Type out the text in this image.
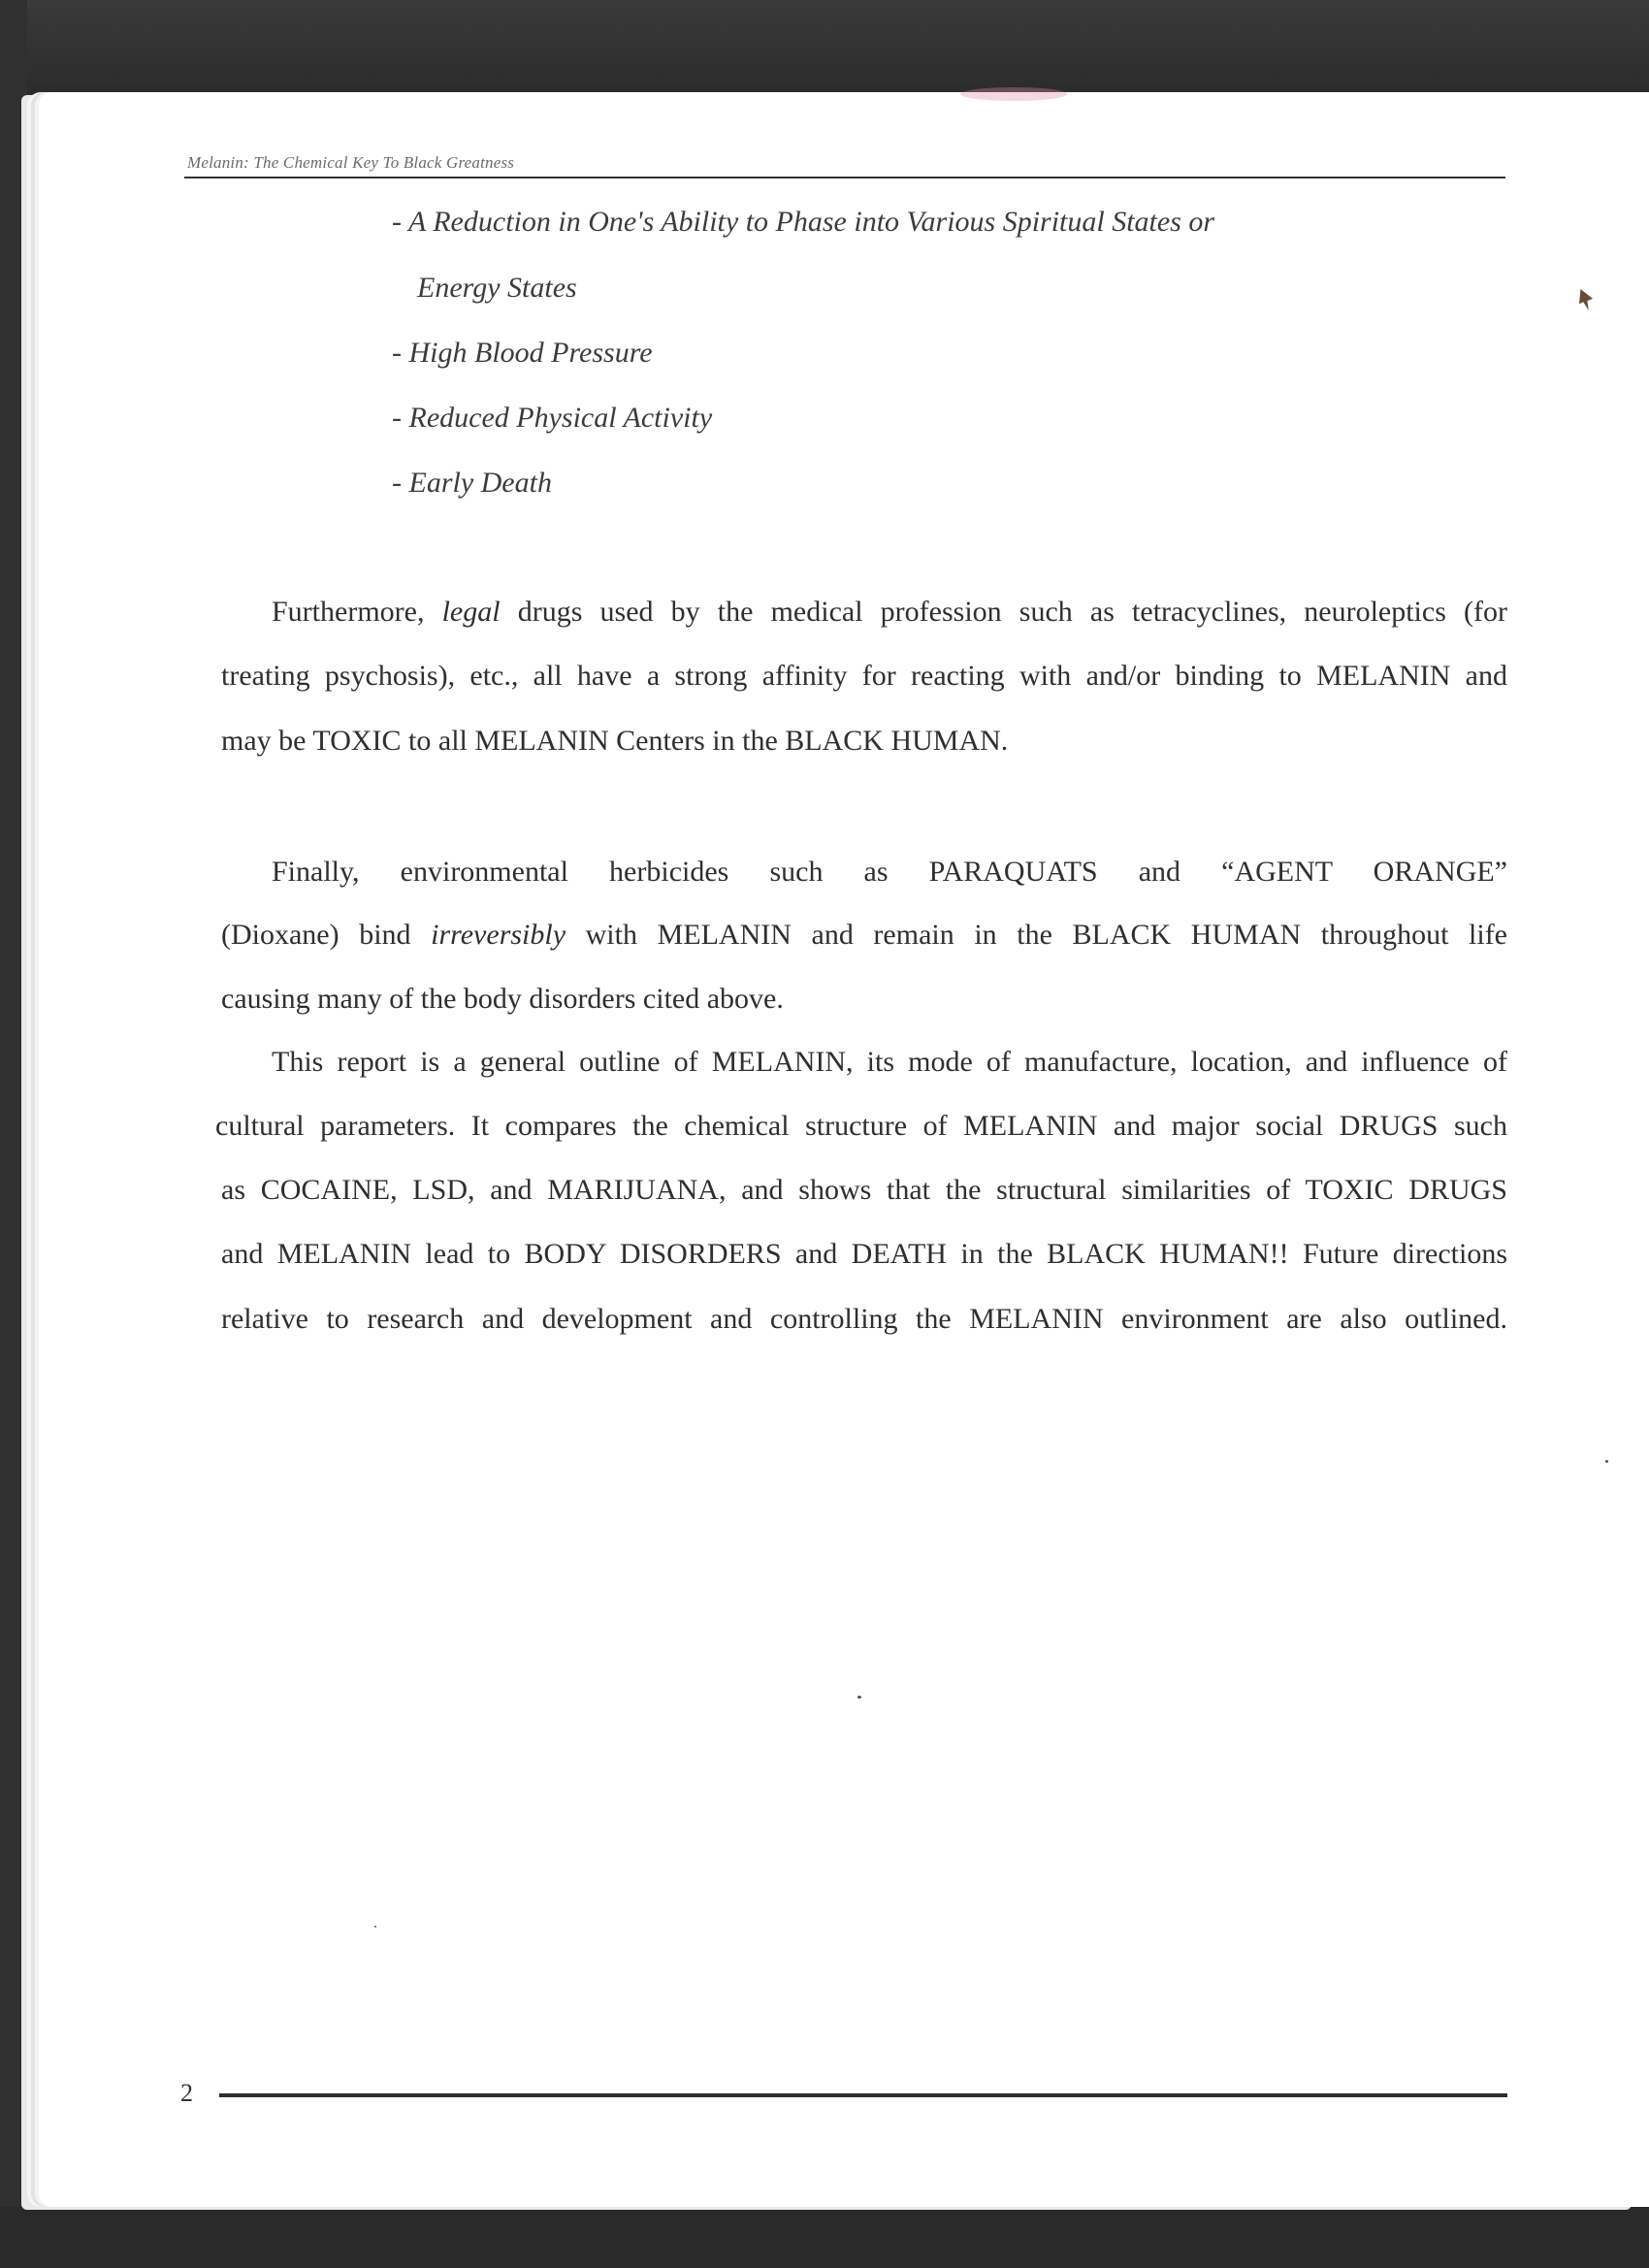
Melanin: The Chemical Key To Black Greatness
- A Reduction in One's Ability to Phase into Various Spiritual States or
Energy States
- High Blood Pressure
- Reduced Physical Activity
- Early Death
Furthermore, legal drugs used by the medical profession such as tetracyclines, neuroleptics (for
treating psychosis), etc., all have a strong affinity for reacting with and/or binding to MELANIN and
may be TOXIC to all MELANIN Centers in the BLACK HUMAN.
Finally, environmental herbicides such as PARAQUATS and “AGENT ORANGE”
(Dioxane) bind irreversibly with MELANIN and remain in the BLACK HUMAN throughout life
causing many of the body disorders cited above.
This report is a general outline of MELANIN, its mode of manufacture, location, and influence of
cultural parameters. It compares the chemical structure of MELANIN and major social DRUGS such
as COCAINE, LSD, and MARIJUANA, and shows that the structural similarities of TOXIC DRUGS
and MELANIN lead to BODY DISORDERS and DEATH in the BLACK HUMAN!! Future directions
relative to research and development and controlling the MELANIN environment are also outlined.
2
